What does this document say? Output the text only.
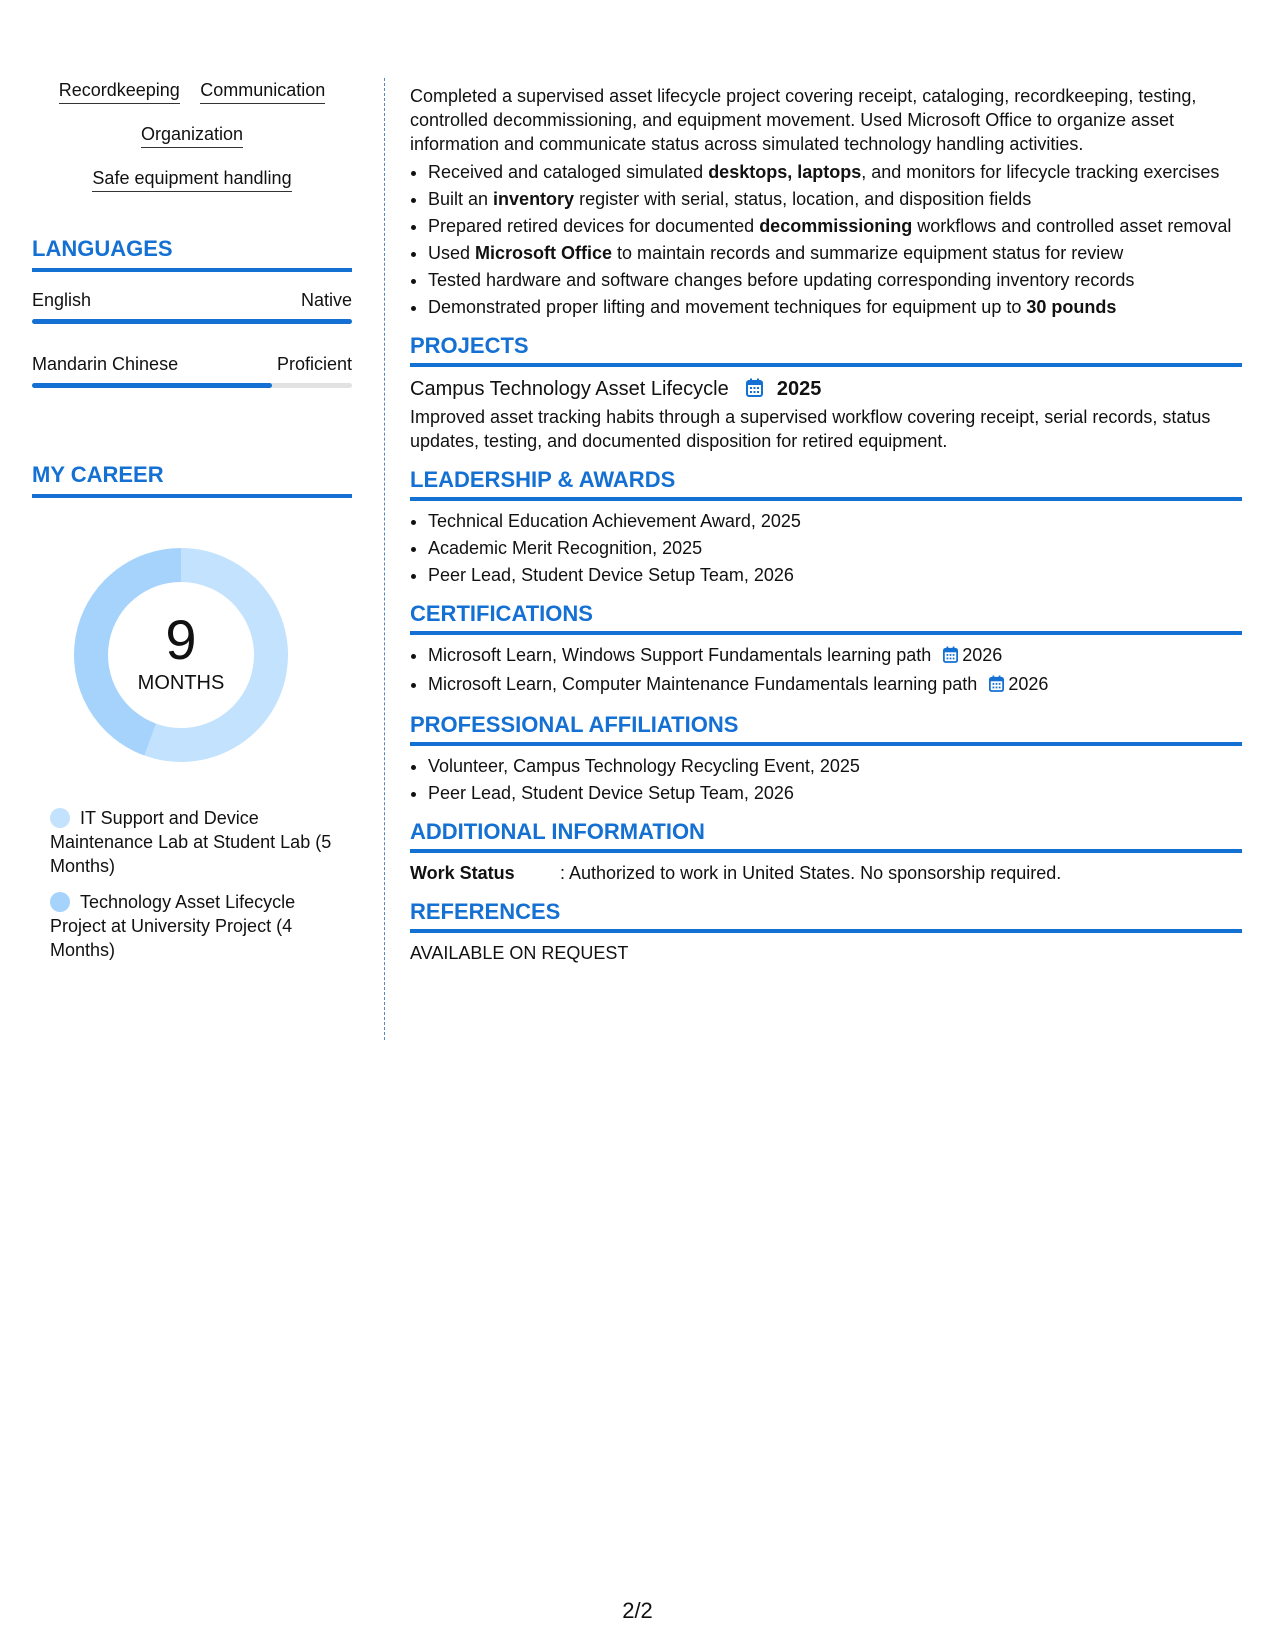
Recordkeeping Communication
Organization
Safe equipment handling
LANGUAGES
English	Native
Mandarin Chinese	Proficient
MY CAREER
9
MONTHS
IT Support and Device Maintenance Lab at Student Lab (5 Months)
Technology Asset Lifecycle Project at University Project (4 Months)

Completed a supervised asset lifecycle project covering receipt, cataloging, recordkeeping, testing, controlled decommissioning, and equipment movement. Used Microsoft Office to organize asset information and communicate status across simulated technology handling activities.

• Received and cataloged simulated desktops, laptops, and monitors for lifecycle tracking exercises
• Built an inventory register with serial, status, location, and disposition fields
• Prepared retired devices for documented decommissioning workflows and controlled asset removal
• Used Microsoft Office to maintain records and summarize equipment status for review
• Tested hardware and software changes before updating corresponding inventory records
• Demonstrated proper lifting and movement techniques for equipment up to 30 pounds
PROJECTS
Campus Technology Asset Lifecycle 2025

Improved asset tracking habits through a supervised workflow covering receipt, serial records, status updates, testing, and documented disposition for retired equipment.

LEADERSHIP & AWARDS
• Technical Education Achievement Award, 2025
• Academic Merit Recognition, 2025
• Peer Lead, Student Device Setup Team, 2026
CERTIFICATIONS
• Microsoft Learn, Windows Support Fundamentals learning path 2026
• Microsoft Learn, Computer Maintenance Fundamentals learning path 2026
PROFESSIONAL AFFILIATIONS
• Volunteer, Campus Technology Recycling Event, 2025
• Peer Lead, Student Device Setup Team, 2026
ADDITIONAL INFORMATION
Work Status	: Authorized to work in United States. No sponsorship required.
REFERENCES
AVAILABLE ON REQUEST
2/2
